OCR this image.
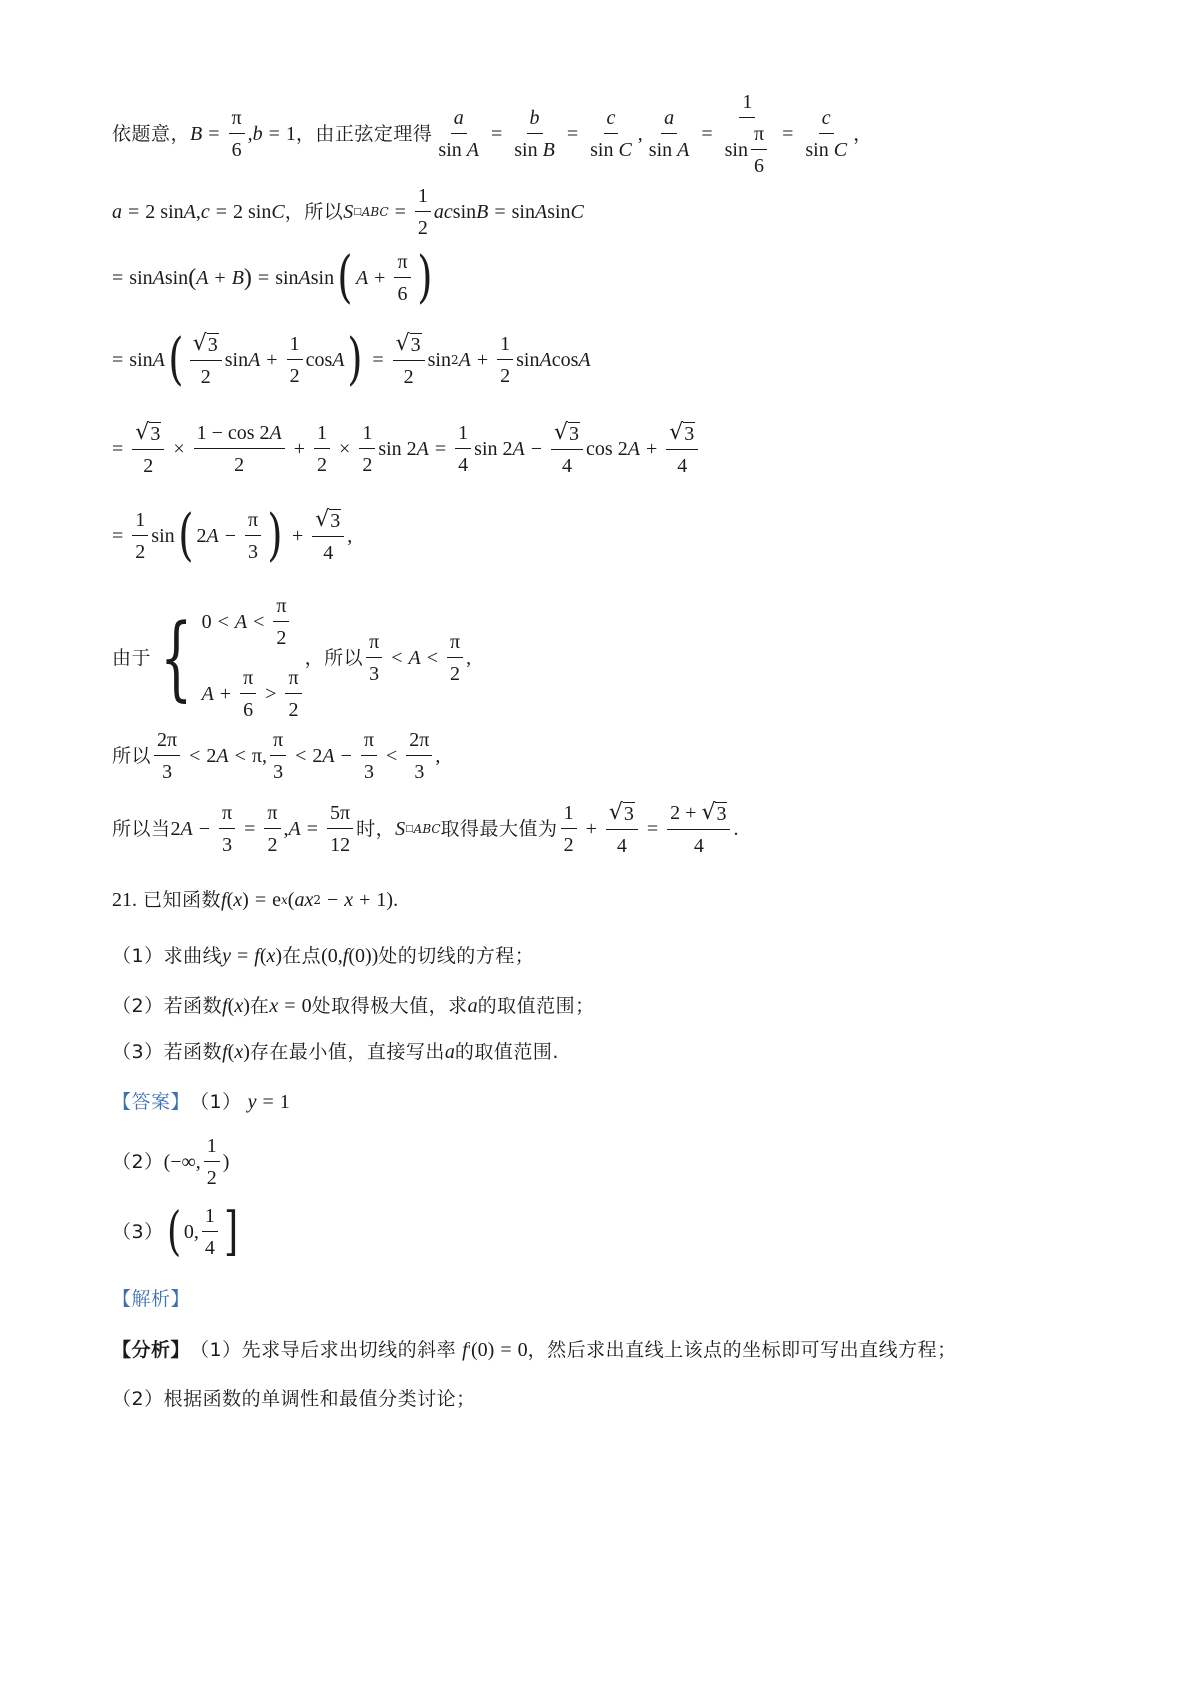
依题意， $B = \frac{\pi}{6}$ , b = 1 ，由正弦定理得 $\frac{a}{\text{sin A}} = \frac{b}{\text{sin B}} = \frac{c}{\text{sin C}}$ , $\frac{a}{\text{sin A}} = \frac{1}{\sin \frac{\pi}{6}} = \frac{c}{\text{sin C}}$ ，
a = 2 sin A , c = 2 sin C ，所以 S □ ABC = $\frac{1}{2}$ ac sin B = sin A sin C
= sin A sin ( A + B ) = sin A sin ( $A + \frac{\pi}{6}$ )
= sin A ( $\frac{√ 3}{2}$ $\sin A + \frac{1}{2}$ cos A ) = $\frac{√ 3}{2}$ sin 2 $A + \frac{1}{2}$ sin A cos A
= $\frac{√ 3}{2} \times \frac{1 - \cos 2A}{2} + \frac{1}{2} \times \frac{1}{2}$ sin 2 $A = \frac{1}{4}$ sin 2 $A - \frac{√ 3}{4}$ cos 2 $A + \frac{√ 3}{4}$
= $\frac{1}{2}$ sin ( 2 $A - \frac{\pi}{3}$ ) + $\frac{√ 3}{4}$ ,
由于 { $0 < A < \frac{\pi}{2}$
$A + \frac{\pi}{6} > \frac{\pi}{2}$
，所以 $\frac{\pi}{3} < A < \frac{\pi}{2}$ ,
所以 $\frac{2\pi}{3} < 2$ A < π, $\frac{\pi}{3} < 2$ $A - \frac{\pi}{3} < \frac{2\pi}{3}$ ,
所以当 2 $A - \frac{\pi}{3} = \frac{\pi}{2}$ , $A = \frac{5\pi}{12}$ 时， S □ ABC 取得最大值为 $\frac{1}{2} + \frac{√ 3}{4} = \frac{2 + √ 3}{4}$ .
21. 已知函数 f ( x ) = e x ( ax 2 − x + 1).
（1）求曲线 y = f ( x ) 在点 (0, f (0)) 处的切线的方程；
（2）若函数 f ( x ) 在 x = 0 处取得极大值，求 a 的取值范围；
（3）若函数 f ( x ) 存在最小值，直接写出 a 的取值范围.
【答案】 （1） y = 1
（2） (−∞, $\frac{1}{2}$ )
（3） ( 0, $\frac{1}{4}$ ]
【解析】
【分析】 （1）先求导后求出切线的斜率 f ' (0) = 0 ，然后求出直线上该点的坐标即可写出直线方程；
（2）根据函数的单调性和最值分类讨论；
